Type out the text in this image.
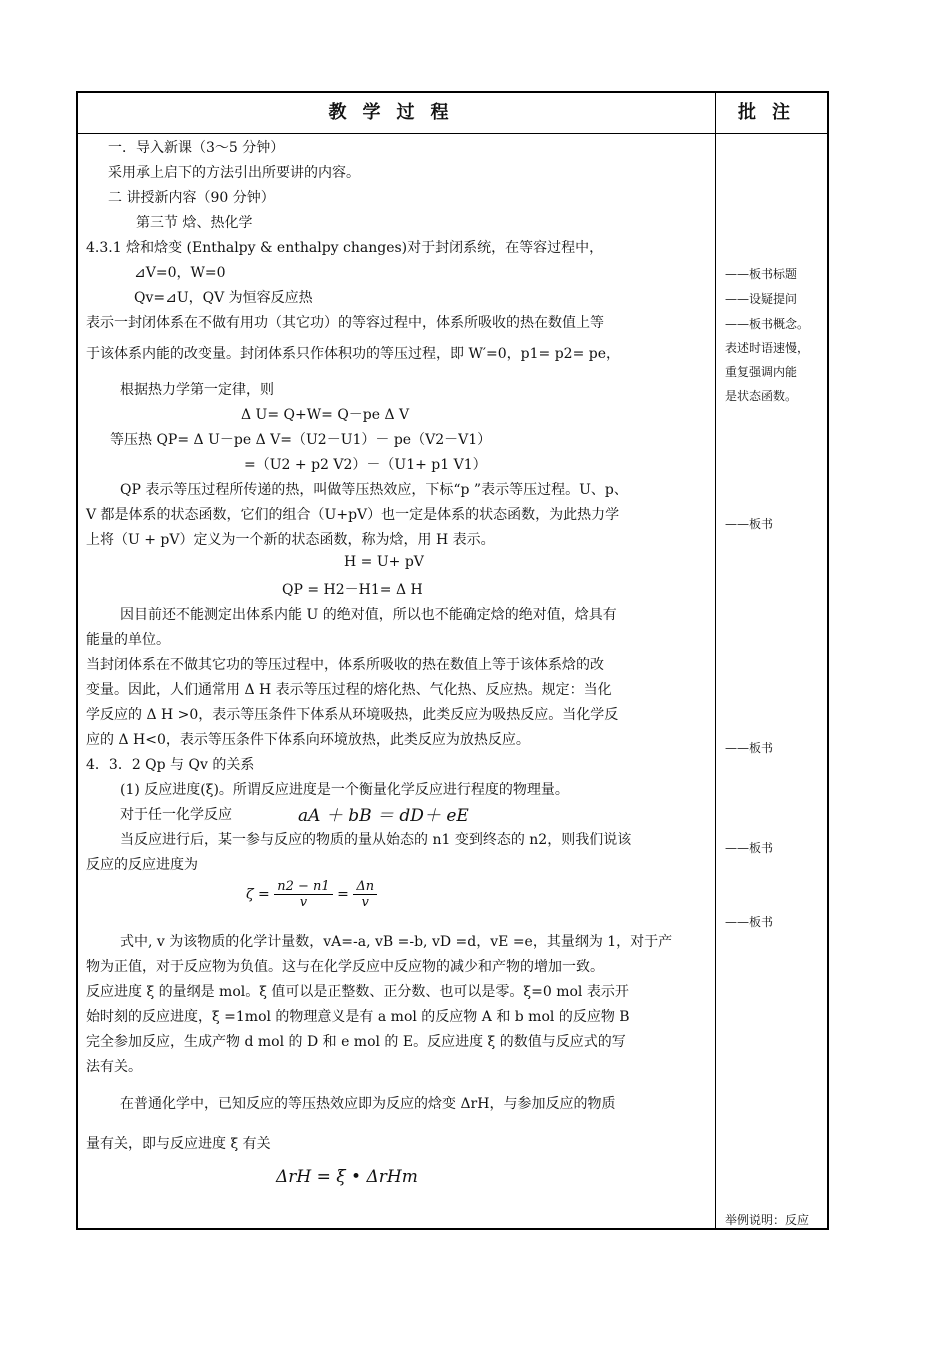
教学过程	批注
一．导入新课（3～5 分钟）
采用承上启下的方法引出所要讲的内容。
二 讲授新内容（90 分钟）
第三节 焓、热化学
4.3.1 焓和焓变 (Enthalpy & enthalpy changes)对于封闭系统，在等容过程中，
⊿V=0，W=0
Qv=⊿U，QV 为恒容反应热
表示一封闭体系在不做有用功（其它功）的等容过程中，体系所吸收的热在数值上等
于该体系内能的改变量。封闭体系只作体积功的等压过程，即 W′=0，p1= p2= pe，
根据热力学第一定律，则
Δ U= Q+W= Q－pe Δ V
等压热 QP= Δ U－pe Δ V=（U2－U1）－ pe（V2－V1）
=（U2 + p2 V2）－（U1+ p1 V1）
QP 表示等压过程所传递的热，叫做等压热效应，下标“p ”表示等压过程。U、p、
V 都是体系的状态函数，它们的组合（U+pV）也一定是体系的状态函数，为此热力学
上将（U + pV）定义为一个新的状态函数，称为焓，用 H 表示。
H = U+ pV
QP = H2－H1= Δ H
因目前还不能测定出体系内能 U 的绝对值，所以也不能确定焓的绝对值，焓具有
能量的单位。
当封闭体系在不做其它功的等压过程中，体系所吸收的热在数值上等于该体系焓的改
变量。因此，人们通常用 Δ H 表示等压过程的熔化热、气化热、反应热。规定：当化
学反应的 Δ H >0，表示等压条件下体系从环境吸热，此类反应为吸热反应。当化学反
应的 Δ H<0，表示等压条件下体系向环境放热，此类反应为放热反应。
4．3．2 Qp 与 Qv 的关系
(1) 反应进度(ξ)。所谓反应进度是一个衡量化学反应进行程度的物理量。
对于任一化学反应	aA ＋ bB ＝ dD＋ eE
当反应进行后，某一参与反应的物质的量从始态的 n1 变到终态的 n2，则我们说该
反应的反应进度为
$\zeta = \frac{n2 - n1}{v} = \frac{\Delta n}{v}$
式中, v 为该物质的化学计量数，vA=-a, vB =-b, vD =d，vE =e，其量纲为 1，对于产
物为正值，对于反应物为负值。这与在化学反应中反应物的减少和产物的增加一致。
反应进度 ξ 的量纲是 mol。ξ 值可以是正整数、正分数、也可以是零。ξ=0 mol 表示开
始时刻的反应进度，ξ =1mol 的物理意义是有 a mol 的反应物 A 和 b mol 的反应物 B
完全参加反应，生成产物 d mol 的 D 和 e mol 的 E。反应进度 ξ 的数值与反应式的写
法有关。
在普通化学中，已知反应的等压热效应即为反应的焓变 ΔrH，与参加反应的物质
量有关，即与反应进度 ξ 有关
ΔrH = ξ • ΔrHm
——板书标题
——设疑提问
——板书概念。
表述时语速慢，
重复强调内能
是状态函数。
——板书
——板书
——板书
——板书
举例说明：反应
